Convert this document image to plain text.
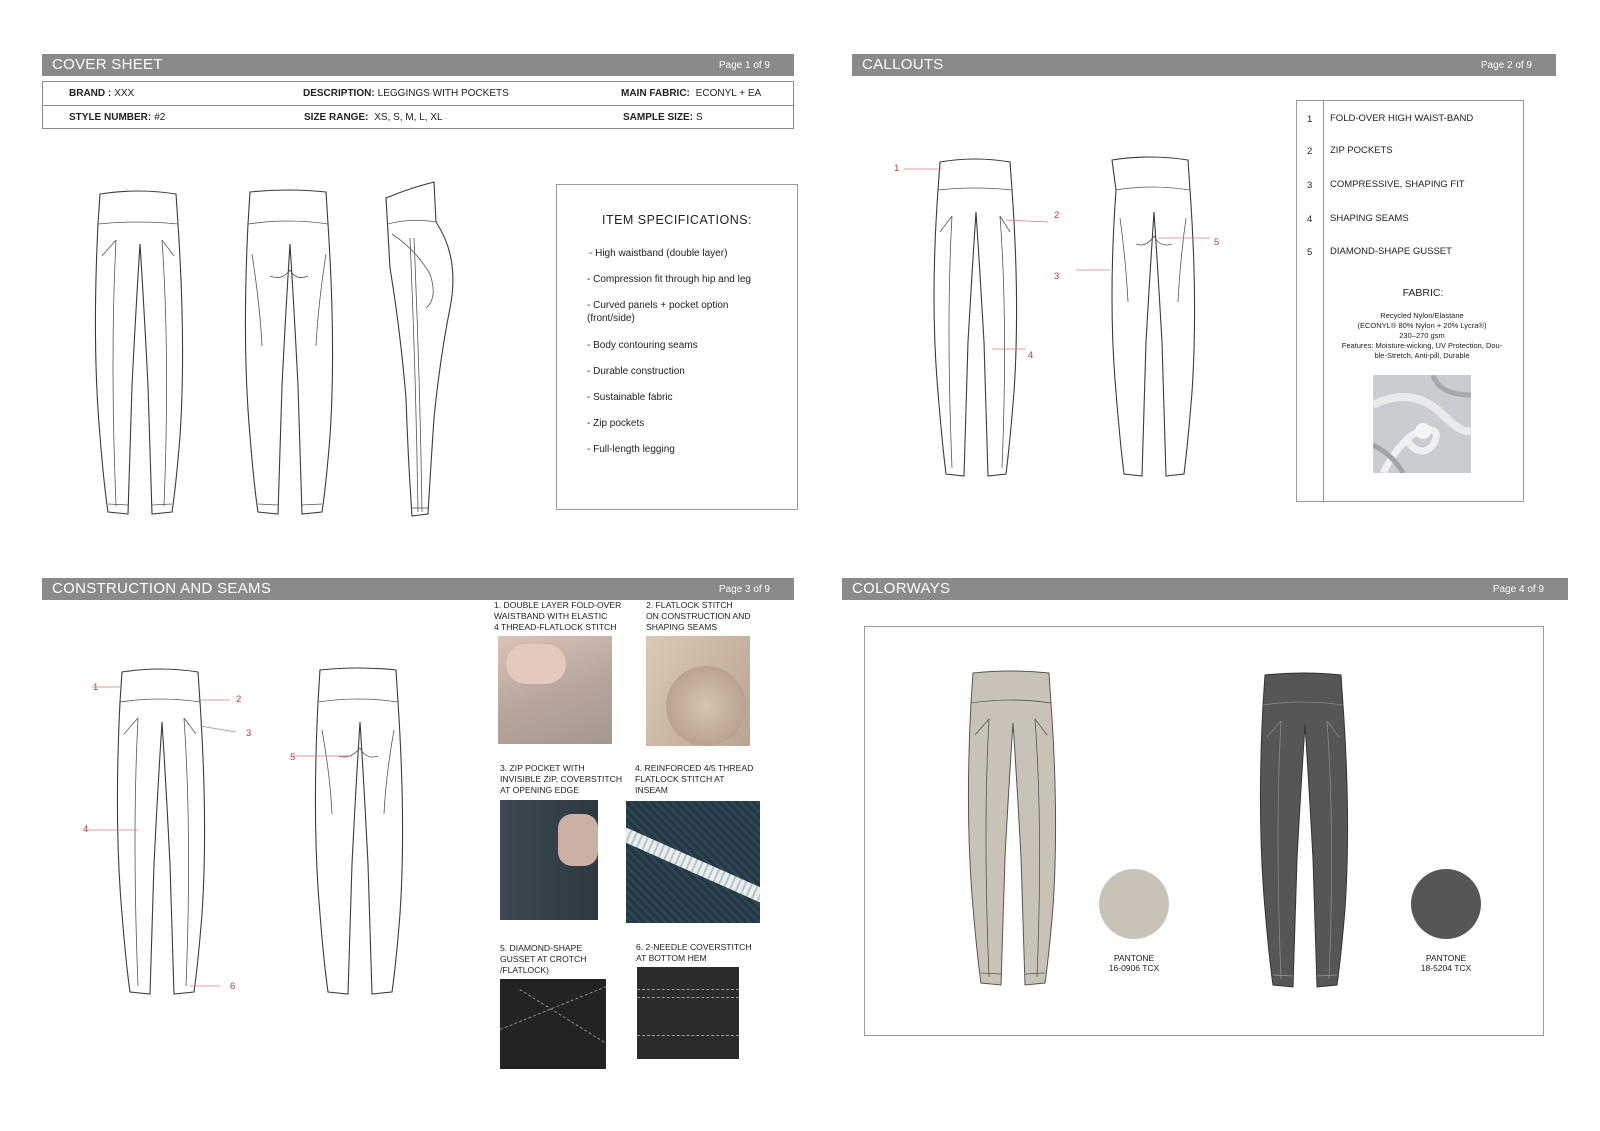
COVER SHEET	Page 1 of 9
BRAND : XXX	DESCRIPTION: LEGGINGS WITH POCKETS	MAIN FABRIC: ECONYL + EA
STYLE NUMBER: #2	SIZE RANGE: XS, S, M, L, XL	SAMPLE SIZE: S
ITEM SPECIFICATIONS:
- High waistband (double layer)
- Compression fit through hip and leg
- Curved panels + pocket option (front/side)
- Body contouring seams
- Durable construction
- Sustainable fabric
- Zip pockets
- Full-length legging
CALLOUTS	Page 2 of 9
1
2
3
4
5
1 FOLD-OVER HIGH WAIST-BAND
2 ZIP POCKETS
3 COMPRESSIVE, SHAPING FIT
4 SHAPING SEAMS
5 DIAMOND-SHAPE GUSSET
FABRIC:
Recycled Nylon/Elastane
(ECONYL® 80% Nylon + 20% Lycra®)
230–270 gsm
Features: Moisture-wicking, UV Protection, Dou-
ble-Stretch, Anti-pill, Durable
CONSTRUCTION AND SEAMS	Page 3 of 9
1
2
3
4
5
6
1. DOUBLE LAYER FOLD-OVER
WAISTBAND WITH ELASTIC
4 THREAD-FLATLOCK STITCH
2. FLATLOCK STITCH
ON CONSTRUCTION AND
SHAPING SEAMS
3. ZIP POCKET WITH
INVISIBLE ZIP, COVERSTITCH
AT OPENING EDGE
4. REINFORCED 4/5 THREAD
FLATLOCK STITCH AT
INSEAM
5. DIAMOND-SHAPE
GUSSET AT CROTCH
/FLATLOCK)
6. 2-NEEDLE COVERSTITCH
AT BOTTOM HEM
COLORWAYS	Page 4 of 9
PANTONE
16-0906 TCX
PANTONE
18-5204 TCX
